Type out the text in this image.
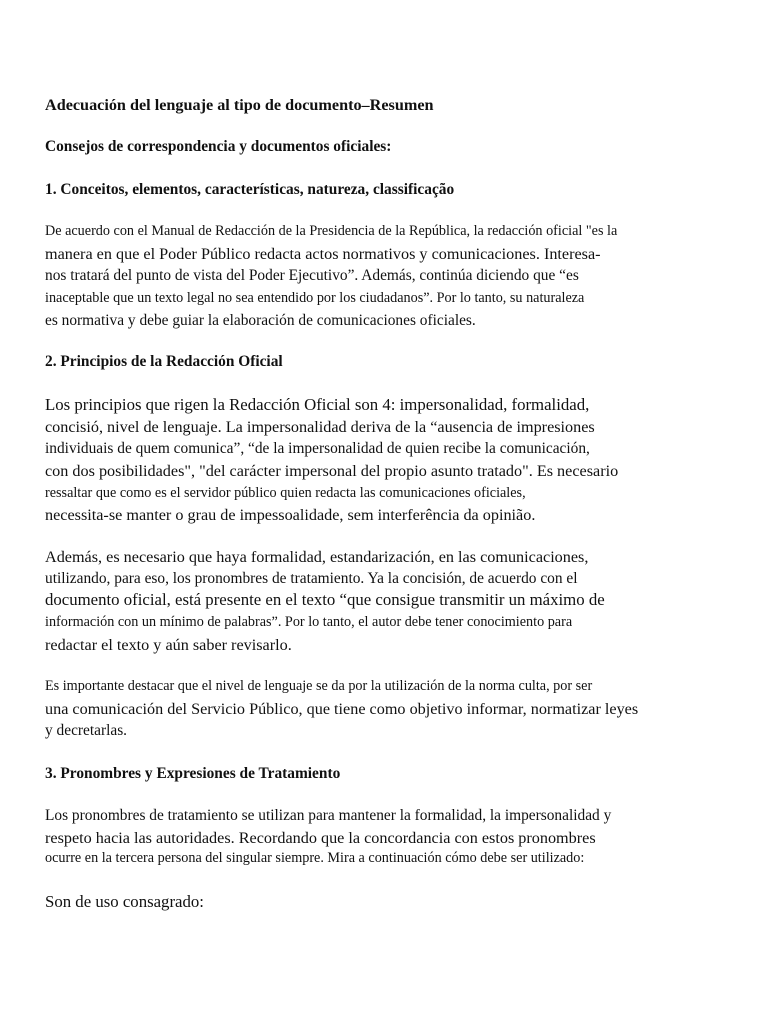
Adecuación del lenguaje al tipo de documento–Resumen
Consejos de correspondencia y documentos oficiales:
1. Conceitos, elementos, características, natureza, classificação
De acuerdo con el Manual de Redacción de la Presidencia de la República, la redacción oficial "es la
manera en que el Poder Público redacta actos normativos y comunicaciones. Interesa-
nos tratará del punto de vista del Poder Ejecutivo”. Además, continúa diciendo que “es
inaceptable que un texto legal no sea entendido por los ciudadanos”. Por lo tanto, su naturaleza
es normativa y debe guiar la elaboración de comunicaciones oficiales.
2. Principios de la Redacción Oficial
Los principios que rigen la Redacción Oficial son 4: impersonalidad, formalidad,
concisió, nivel de lenguaje. La impersonalidad deriva de la “ausencia de impresiones
individuais de quem comunica”, “de la impersonalidad de quien recibe la comunicación,
con dos posibilidades", "del carácter impersonal del propio asunto tratado". Es necesario
ressaltar que como es el servidor público quien redacta las comunicaciones oficiales,
necessita-se manter o grau de impessoalidade, sem interferência da opinião.
Además, es necesario que haya formalidad, estandarización, en las comunicaciones,
utilizando, para eso, los pronombres de tratamiento. Ya la concisión, de acuerdo con el
documento oficial, está presente en el texto “que consigue transmitir un máximo de
información con un mínimo de palabras”. Por lo tanto, el autor debe tener conocimiento para
redactar el texto y aún saber revisarlo.
Es importante destacar que el nivel de lenguaje se da por la utilización de la norma culta, por ser
una comunicación del Servicio Público, que tiene como objetivo informar, normatizar leyes
y decretarlas.
3. Pronombres y Expresiones de Tratamiento
Los pronombres de tratamiento se utilizan para mantener la formalidad, la impersonalidad y
respeto hacia las autoridades. Recordando que la concordancia con estos pronombres
ocurre en la tercera persona del singular siempre. Mira a continuación cómo debe ser utilizado:
Son de uso consagrado:
